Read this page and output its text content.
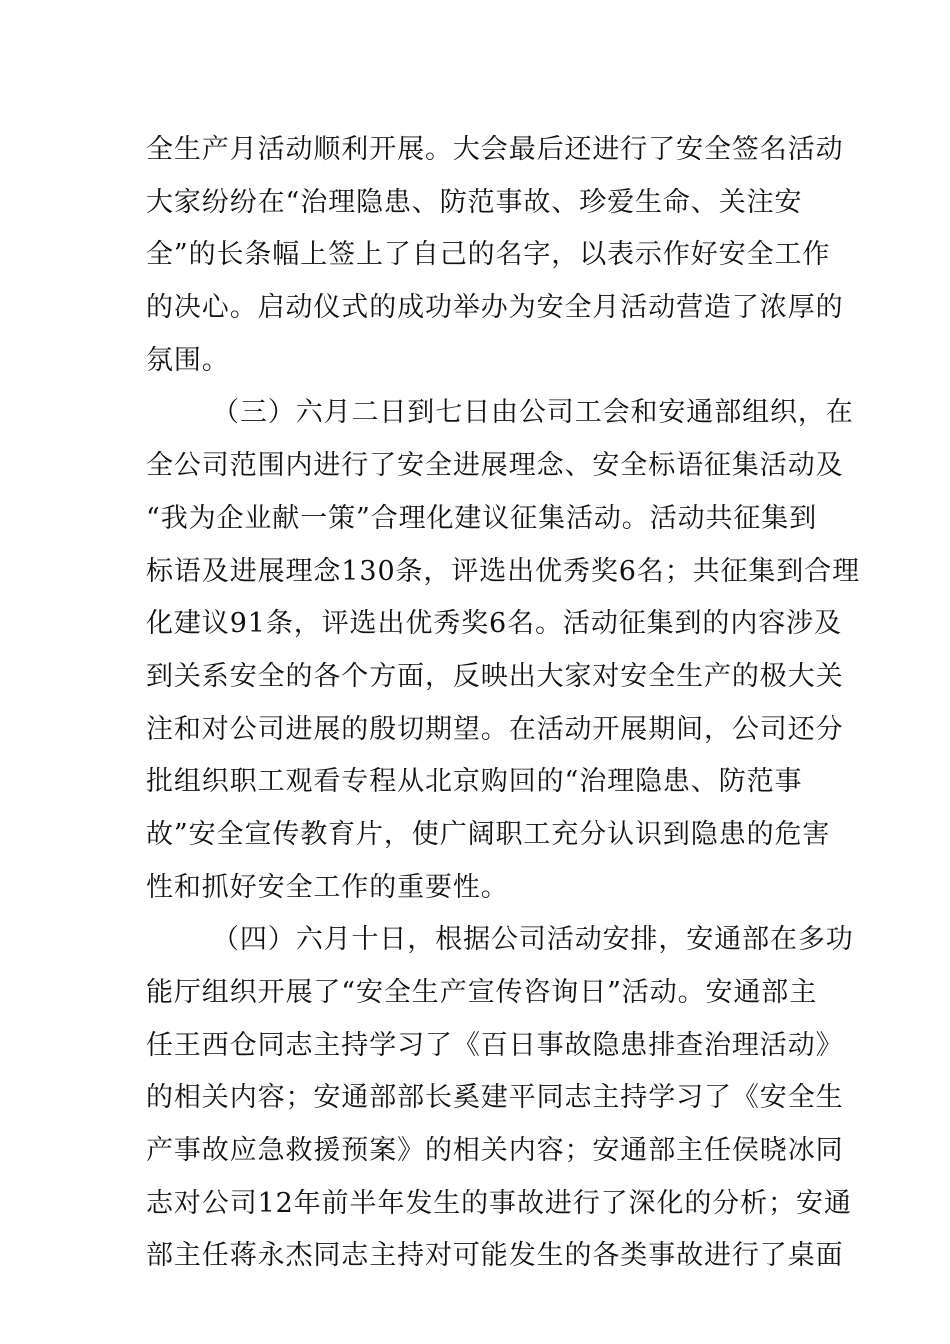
全生产月活动顺利开展。大会最后还进行了安全签名活动
大家纷纷在“治理隐患、防范事故、珍爱生命、关注安
全”的长条幅上签上了自己的名字，以表示作好安全工作
的决心。启动仪式的成功举办为安全月活动营造了浓厚的
氛围。
（三）六月二日到七日由公司工会和安通部组织，在
全公司范围内进行了安全进展理念、安全标语征集活动及
“我为企业献一策”合理化建议征集活动。活动共征集到
标语及进展理念130条，评选出优秀奖6名；共征集到合理
化建议91条，评选出优秀奖6名。活动征集到的内容涉及
到关系安全的各个方面，反映出大家对安全生产的极大关
注和对公司进展的殷切期望。在活动开展期间，公司还分
批组织职工观看专程从北京购回的“治理隐患、防范事
故”安全宣传教育片，使广阔职工充分认识到隐患的危害
性和抓好安全工作的重要性。
（四）六月十日，根据公司活动安排，安通部在多功
能厅组织开展了“安全生产宣传咨询日”活动。安通部主
任王西仓同志主持学习了《百日事故隐患排查治理活动》
的相关内容；安通部部长奚建平同志主持学习了《安全生
产事故应急救援预案》的相关内容；安通部主任侯晓冰同
志对公司12年前半年发生的事故进行了深化的分析；安通
部主任蒋永杰同志主持对可能发生的各类事故进行了桌面
